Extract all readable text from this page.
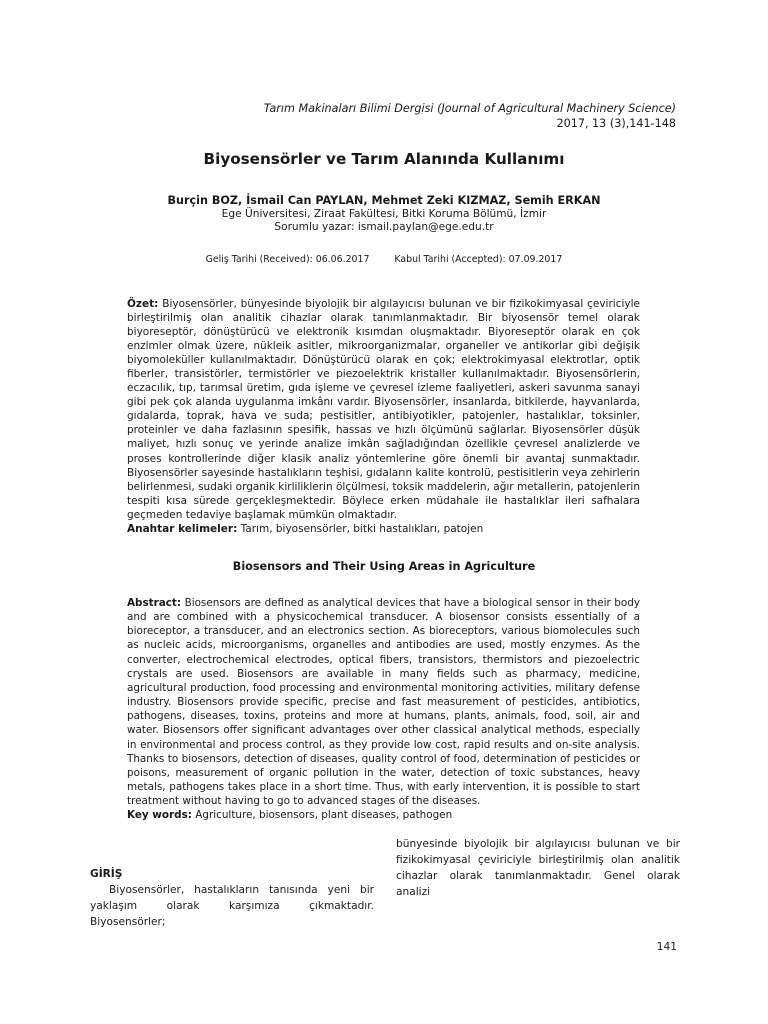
Tarım Makinaları Bilimi Dergisi (Journal of Agricultural Machinery Science)
2017, 13 (3),141-148
Biyosensörler ve Tarım Alanında Kullanımı
Burçin BOZ, İsmail Can PAYLAN, Mehmet Zeki KIZMAZ, Semih ERKAN
Ege Üniversitesi, Ziraat Fakültesi, Bitki Koruma Bölümü, İzmir
Sorumlu yazar: ismail.paylan@ege.edu.tr
Geliş Tarihi (Received): 06.06.2017	Kabul Tarihi (Accepted): 07.09.2017
Özet: Biyosensörler, bünyesinde biyolojik bir algılayıcısı bulunan ve bir fizikokimyasal çeviriciyle birleştirilmiş olan analitik cihazlar olarak tanımlanmaktadır. Bir biyosensör temel olarak biyoreseptör, dönüştürücü ve elektronik kısımdan oluşmaktadır. Biyoreseptör olarak en çok enzimler olmak üzere, nükleik asitler, mikroorganizmalar, organeller ve antikorlar gibi değişik biyomoleküller kullanılmaktadır. Dönüştürücü olarak en çok; elektrokimyasal elektrotlar, optik fiberler, transistörler, termistörler ve piezoelektrik kristaller kullanılmaktadır. Biyosensörlerin, eczacılık, tıp, tarımsal üretim, gıda işleme ve çevresel izleme faaliyetleri, askeri savunma sanayi gibi pek çok alanda uygulanma imkânı vardır. Biyosensörler, insanlarda, bitkilerde, hayvanlarda, gıdalarda, toprak, hava ve suda; pestisitler, antibiyotikler, patojenler, hastalıklar, toksinler, proteinler ve daha fazlasının spesifik, hassas ve hızlı ölçümünü sağlarlar. Biyosensörler düşük maliyet, hızlı sonuç ve yerinde analize imkân sağladığından özellikle çevresel analizlerde ve proses kontrollerinde diğer klasik analiz yöntemlerine göre önemli bir avantaj sunmaktadır. Biyosensörler sayesinde hastalıkların teşhisi, gıdaların kalite kontrolü, pestisitlerin veya zehirlerin belirlenmesi, sudaki organik kirliliklerin ölçülmesi, toksik maddelerin, ağır metallerin, patojenlerin tespiti kısa sürede gerçekleşmektedir. Böylece erken müdahale ile hastalıklar ileri safhalara geçmeden tedaviye başlamak mümkün olmaktadır.
Anahtar kelimeler: Tarım, biyosensörler, bitki hastalıkları, patojen
Biosensors and Their Using Areas in Agriculture
Abstract: Biosensors are defined as analytical devices that have a biological sensor in their body and are combined with a physicochemical transducer. A biosensor consists essentially of a bioreceptor, a transducer, and an electronics section. As bioreceptors, various biomolecules such as nucleic acids, microorganisms, organelles and antibodies are used, mostly enzymes. As the converter, electrochemical electrodes, optical fibers, transistors, thermistors and piezoelectric crystals are used. Biosensors are available in many fields such as pharmacy, medicine, agricultural production, food processing and environmental monitoring activities, military defense industry. Biosensors provide specific, precise and fast measurement of pesticides, antibiotics, pathogens, diseases, toxins, proteins and more at humans, plants, animals, food, soil, air and water. Biosensors offer significant advantages over other classical analytical methods, especially in environmental and process control, as they provide low cost, rapid results and on-site analysis. Thanks to biosensors, detection of diseases, quality control of food, determination of pesticides or poisons, measurement of organic pollution in the water, detection of toxic substances, heavy metals, pathogens takes place in a short time. Thus, with early intervention, it is possible to start treatment without having to go to advanced stages of the diseases.
Key words: Agriculture, biosensors, plant diseases, pathogen
GİRİŞ
Biyosensörler, hastalıkların tanısında yeni bir yaklaşım olarak karşımıza çıkmaktadır. Biyosensörler;
bünyesinde biyolojik bir algılayıcısı bulunan ve bir fizikokimyasal çeviriciyle birleştirilmiş olan analitik cihazlar olarak tanımlanmaktadır. Genel olarak analizi
141
